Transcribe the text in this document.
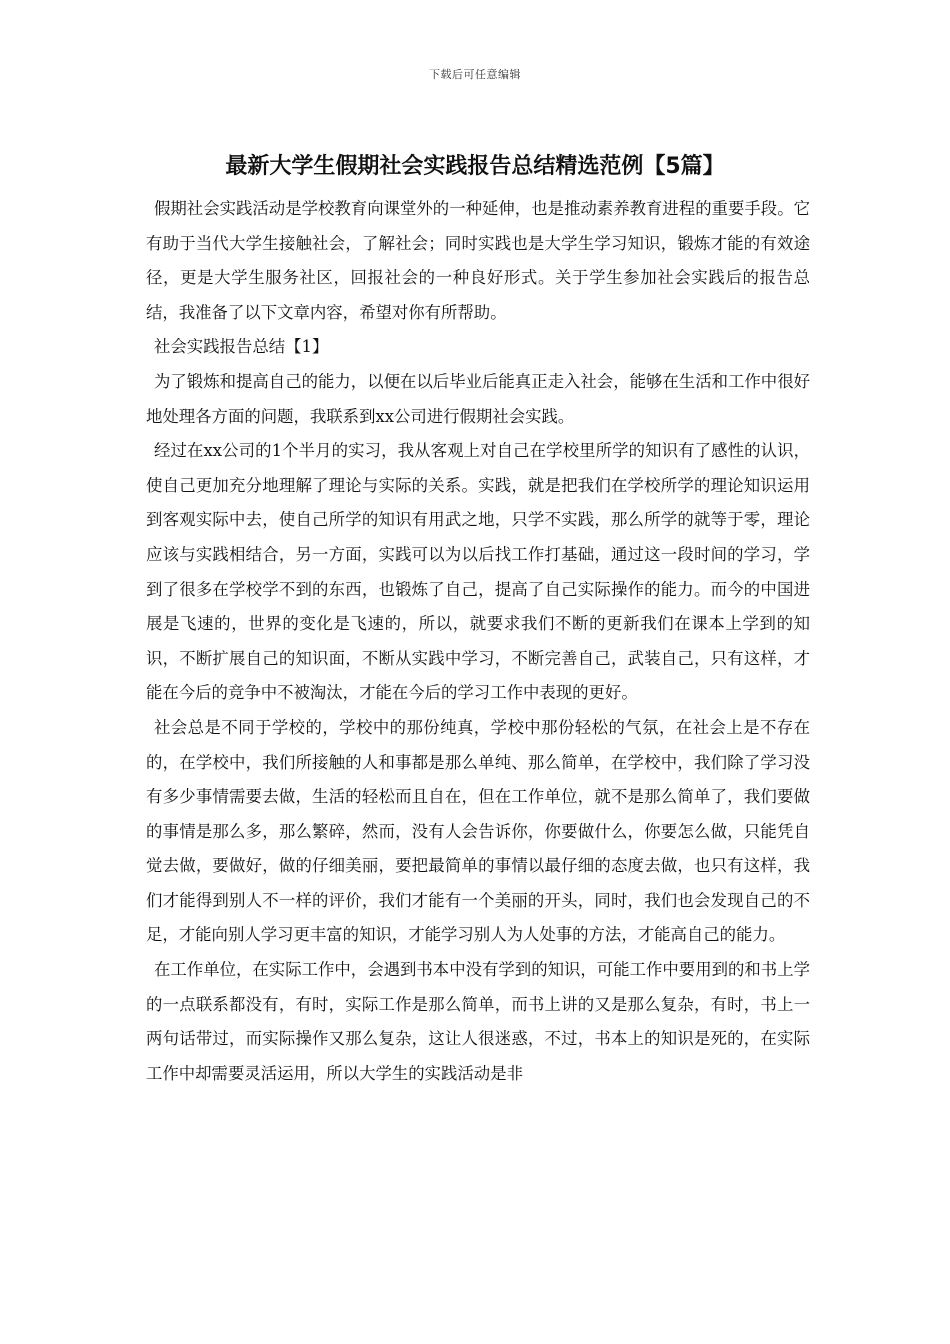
下载后可任意编辑
最新大学生假期社会实践报告总结精选范例【5篇】

假期社会实践活动是学校教育向课堂外的一种延伸，也是推动素养教育进程的重要手段。它有助于当代大学生接触社会，了解社会；同时实践也是大学生学习知识，锻炼才能的有效途径，更是大学生服务社区，回报社会的一种良好形式。关于学生参加社会实践后的报告总结，我准备了以下文章内容，希望对你有所帮助。

社会实践报告总结【1】

为了锻炼和提高自己的能力，以便在以后毕业后能真正走入社会，能够在生活和工作中很好地处理各方面的问题，我联系到xx公司进行假期社会实践。

经过在xx公司的1个半月的实习，我从客观上对自己在学校里所学的知识有了感性的认识，使自己更加充分地理解了理论与实际的关系。实践，就是把我们在学校所学的理论知识运用到客观实际中去，使自己所学的知识有用武之地，只学不实践，那么所学的就等于零，理论应该与实践相结合，另一方面，实践可以为以后找工作打基础，通过这一段时间的学习，学到了很多在学校学不到的东西，也锻炼了自己，提高了自己实际操作的能力。而今的中国进展是飞速的，世界的变化是飞速的，所以，就要求我们不断的更新我们在课本上学到的知识，不断扩展自己的知识面，不断从实践中学习，不断完善自己，武装自己，只有这样，才能在今后的竞争中不被淘汰，才能在今后的学习工作中表现的更好。

社会总是不同于学校的，学校中的那份纯真，学校中那份轻松的气氛，在社会上是不存在的，在学校中，我们所接触的人和事都是那么单纯、那么简单，在学校中，我们除了学习没有多少事情需要去做，生活的轻松而且自在，但在工作单位，就不是那么简单了，我们要做的事情是那么多，那么繁碎，然而，没有人会告诉你，你要做什么，你要怎么做，只能凭自觉去做，要做好，做的仔细美丽，要把最简单的事情以最仔细的态度去做，也只有这样，我们才能得到别人不一样的评价，我们才能有一个美丽的开头，同时，我们也会发现自己的不足，才能向别人学习更丰富的知识，才能学习别人为人处事的方法，才能高自己的能力。

在工作单位，在实际工作中，会遇到书本中没有学到的知识，可能工作中要用到的和书上学的一点联系都没有，有时，实际工作是那么简单，而书上讲的又是那么复杂，有时，书上一两句话带过，而实际操作又那么复杂，这让人很迷惑，不过，书本上的知识是死的，在实际工作中却需要灵活运用，所以大学生的实践活动是非
